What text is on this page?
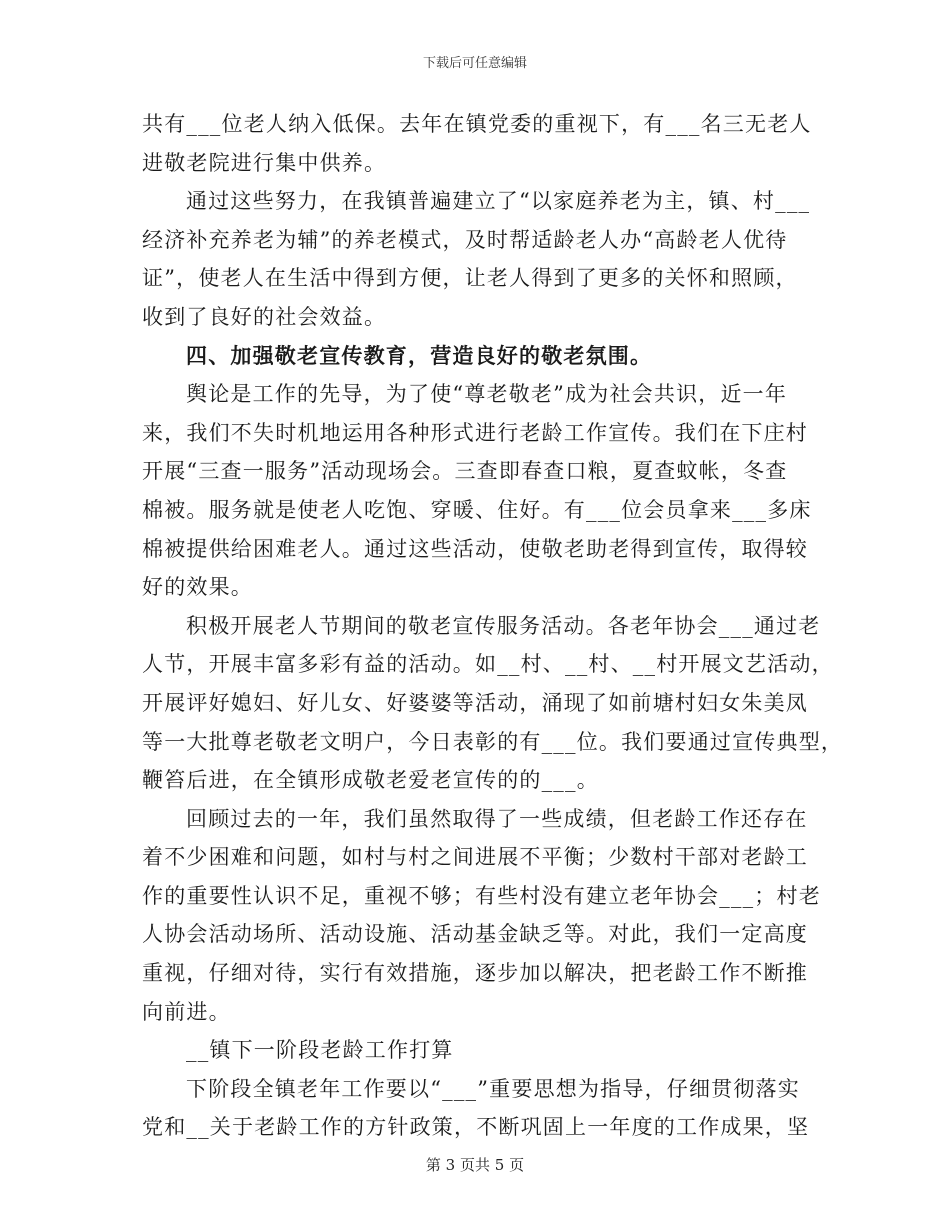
下载后可任意编辑
共有___位老人纳入低保。去年在镇党委的重视下，有___名三无老人
进敬老院进行集中供养。
通过这些努力，在我镇普遍建立了“以家庭养老为主，镇、村___
经济补充养老为辅”的养老模式，及时帮适龄老人办“高龄老人优待
证”，使老人在生活中得到方便，让老人得到了更多的关怀和照顾，
收到了良好的社会效益。
四、加强敬老宣传教育，营造良好的敬老氛围。
舆论是工作的先导，为了使“尊老敬老”成为社会共识，近一年
来，我们不失时机地运用各种形式进行老龄工作宣传。我们在下庄村
开展“三查一服务”活动现场会。三查即春查口粮，夏查蚊帐，冬查
棉被。服务就是使老人吃饱、穿暖、住好。有___位会员拿来___多床
棉被提供给困难老人。通过这些活动，使敬老助老得到宣传，取得较
好的效果。
积极开展老人节期间的敬老宣传服务活动。各老年协会___通过老
人节，开展丰富多彩有益的活动。如__村、__村、__村开展文艺活动，
开展评好媳妇、好儿女、好婆婆等活动，涌现了如前塘村妇女朱美凤
等一大批尊老敬老文明户，今日表彰的有___位。我们要通过宣传典型，
鞭笞后进，在全镇形成敬老爱老宣传的的___。
回顾过去的一年，我们虽然取得了一些成绩，但老龄工作还存在
着不少困难和问题，如村与村之间进展不平衡；少数村干部对老龄工
作的重要性认识不足，重视不够；有些村没有建立老年协会___；村老
人协会活动场所、活动设施、活动基金缺乏等。对此，我们一定高度
重视，仔细对待，实行有效措施，逐步加以解决，把老龄工作不断推
向前进。
__镇下一阶段老龄工作打算
下阶段全镇老年工作要以“___”重要思想为指导，仔细贯彻落实
党和__关于老龄工作的方针政策，不断巩固上一年度的工作成果，坚
第 3 页共 5 页
